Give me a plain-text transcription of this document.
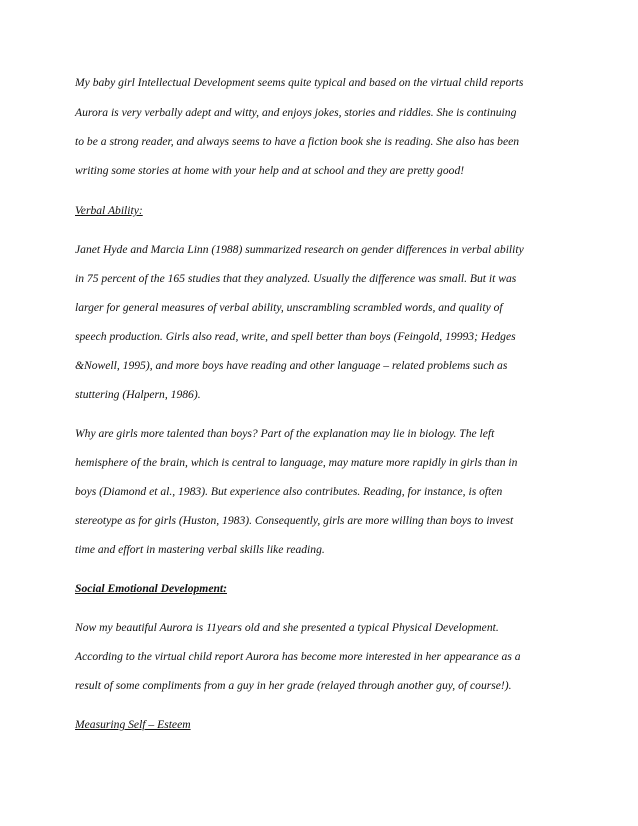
My baby girl Intellectual Development seems quite typical and based on the virtual child reports
Aurora is very verbally adept and witty, and enjoys jokes, stories and riddles. She is continuing
to be a strong reader, and always seems to have a fiction book she is reading. She also has been
writing some stories at home with your help and at school and they are pretty good!
Verbal Ability:
Janet Hyde and Marcia Linn (1988) summarized research on gender differences in verbal ability
in 75 percent of the 165 studies that they analyzed. Usually the difference was small. But it was
larger for general measures of verbal ability, unscrambling scrambled words, and quality of
speech production. Girls also read, write, and spell better than boys (Feingold, 19993; Hedges
&Nowell, 1995), and more boys have reading and other language – related problems such as
stuttering (Halpern, 1986).
Why are girls more talented than boys? Part of the explanation may lie in biology. The left
hemisphere of the brain, which is central to language, may mature more rapidly in girls than in
boys (Diamond et al., 1983). But experience also contributes. Reading, for instance, is often
stereotype as for girls (Huston, 1983). Consequently, girls are more willing than boys to invest
time and effort in mastering verbal skills like reading.
Social Emotional Development:
Now my beautiful Aurora is 11years old and she presented a typical Physical Development.
According to the virtual child report Aurora has become more interested in her appearance as a
result of some compliments from a guy in her grade (relayed through another guy, of course!).
Measuring Self – Esteem
